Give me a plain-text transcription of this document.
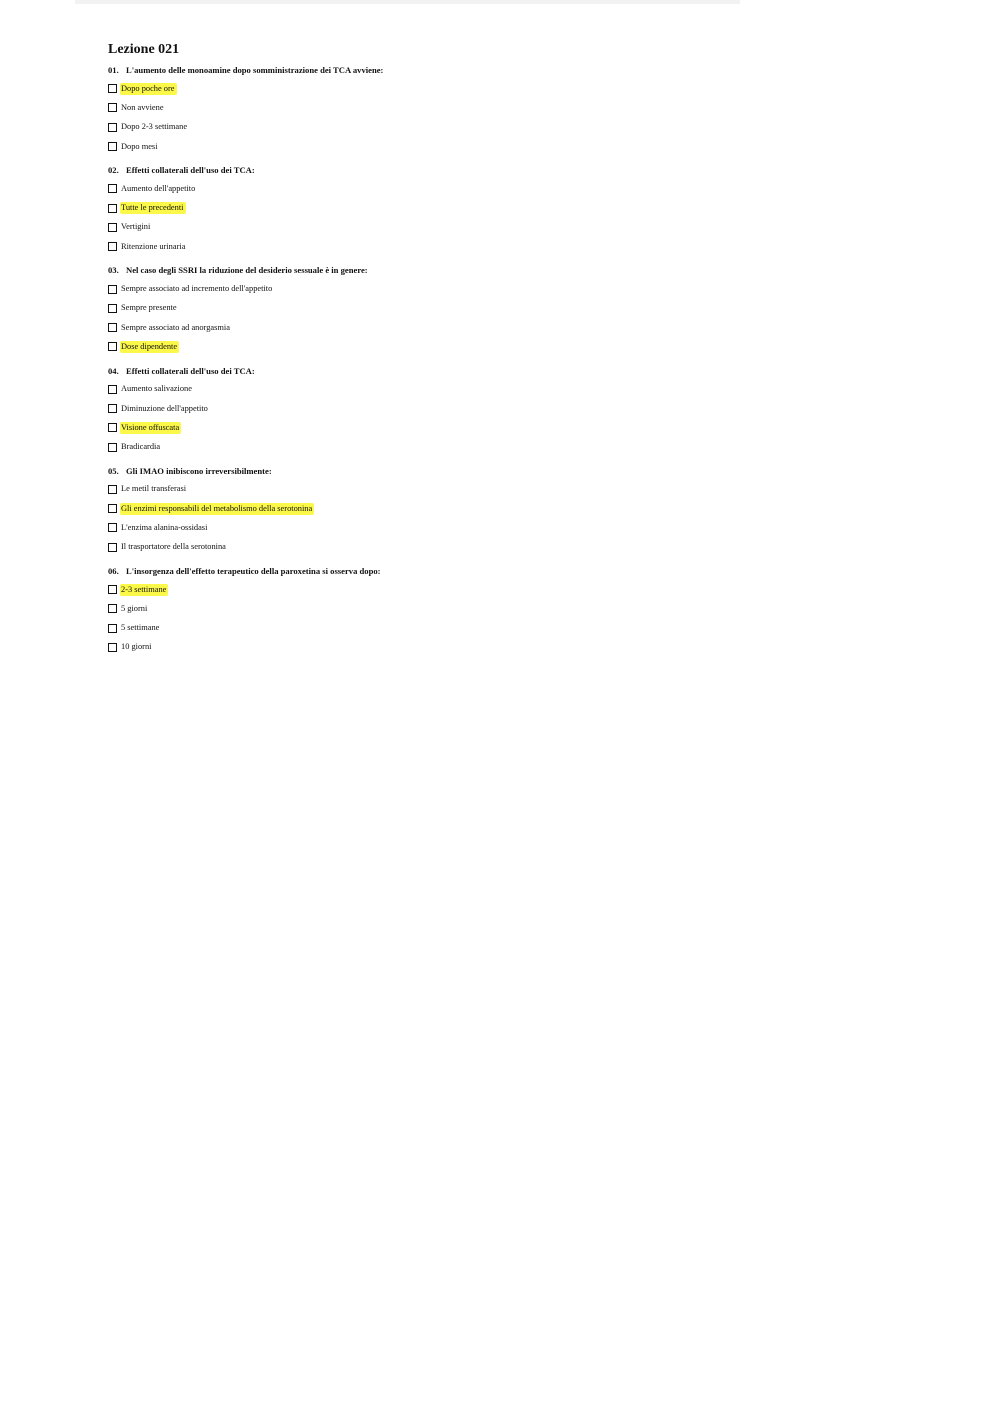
Lezione 021
01. L'aumento delle monoamine dopo somministrazione dei TCA avviene:
Dopo poche ore
Non avviene
Dopo 2-3 settimane
Dopo mesi
02. Effetti collaterali dell'uso dei TCA:
Aumento dell'appetito
Tutte le precedenti
Vertigini
Ritenzione urinaria
03. Nel caso degli SSRI la riduzione del desiderio sessuale è in genere:
Sempre associato ad incremento dell'appetito
Sempre presente
Sempre associato ad anorgasmia
Dose dipendente
04. Effetti collaterali dell'uso dei TCA:
Aumento salivazione
Diminuzione dell'appetito
Visione offuscata
Bradicardia
05. Gli IMAO inibiscono irreversibilmente:
Le metil transferasi
Gli enzimi responsabili del metabolismo della serotonina
L'enzima alanina-ossidasi
Il trasportatore della serotonina
06. L'insorgenza dell'effetto terapeutico della paroxetina si osserva dopo:
2-3 settimane
5 giorni
5 settimane
10 giorni
